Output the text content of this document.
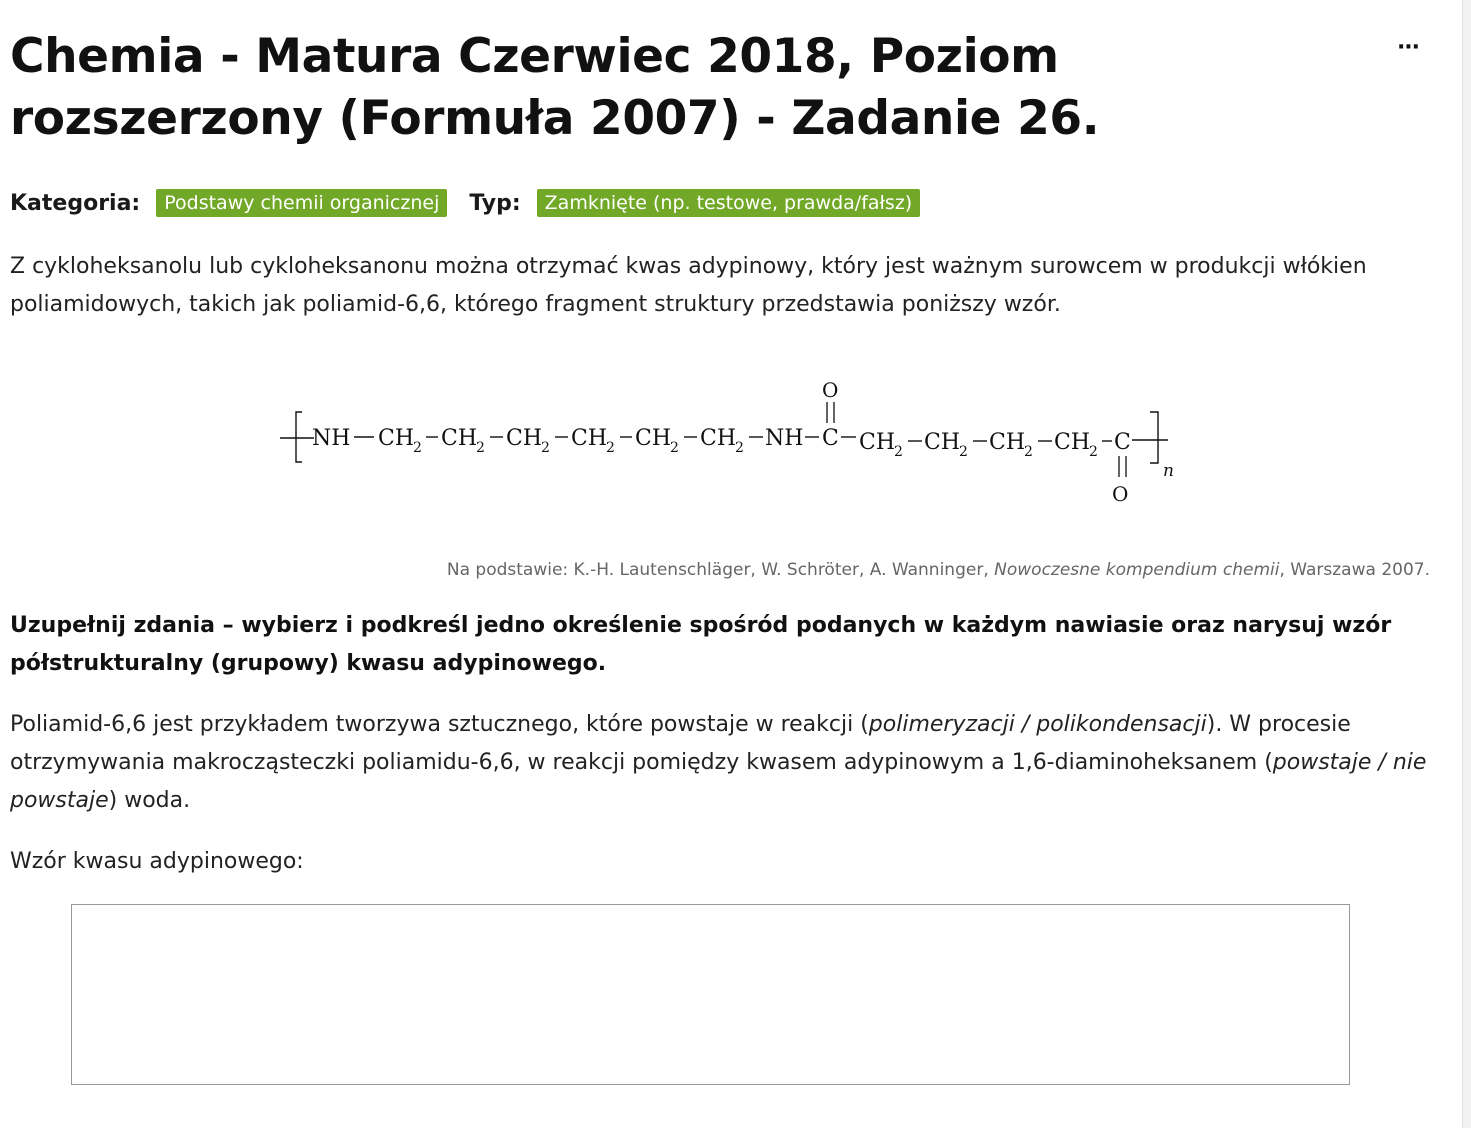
Chemia - Matura Czerwiec 2018, Poziom rozszerzony (Formuła 2007) - Zadanie 26.
Kategoria:	Podstawy chemii organicznej	Typ:	Zamknięte (np. testowe, prawda/fałsz)

Z cykloheksanolu lub cykloheksanonu można otrzymać kwas adypinowy, który jest ważnym surowcem w produkcji włókien poliamidowych, takich jak poliamid-6,6, którego fragment struktury przedstawia poniższy wzór.

NH CH
2 CH
2 CH
2 CH
2 CH
2 CH
2 NH C
O
CH
2 CH
2 CH
2 CH
2 C
O
n
Na podstawie: K.-H. Lautenschläger, W. Schröter, A. Wanninger, Nowoczesne kompendium chemii, Warszawa 2007.

Uzupełnij zdania – wybierz i podkreśl jedno określenie spośród podanych w każdym nawiasie oraz narysuj wzór półstrukturalny (grupowy) kwasu adypinowego.

Poliamid-6,6 jest przykładem tworzywa sztucznego, które powstaje w reakcji (polimeryzacji / polikondensacji). W procesie otrzymywania makrocząsteczki poliamidu-6,6, w reakcji pomiędzy kwasem adypinowym a 1,6-diaminoheksanem (powstaje / nie powstaje) woda.

Wzór kwasu adypinowego:

···
